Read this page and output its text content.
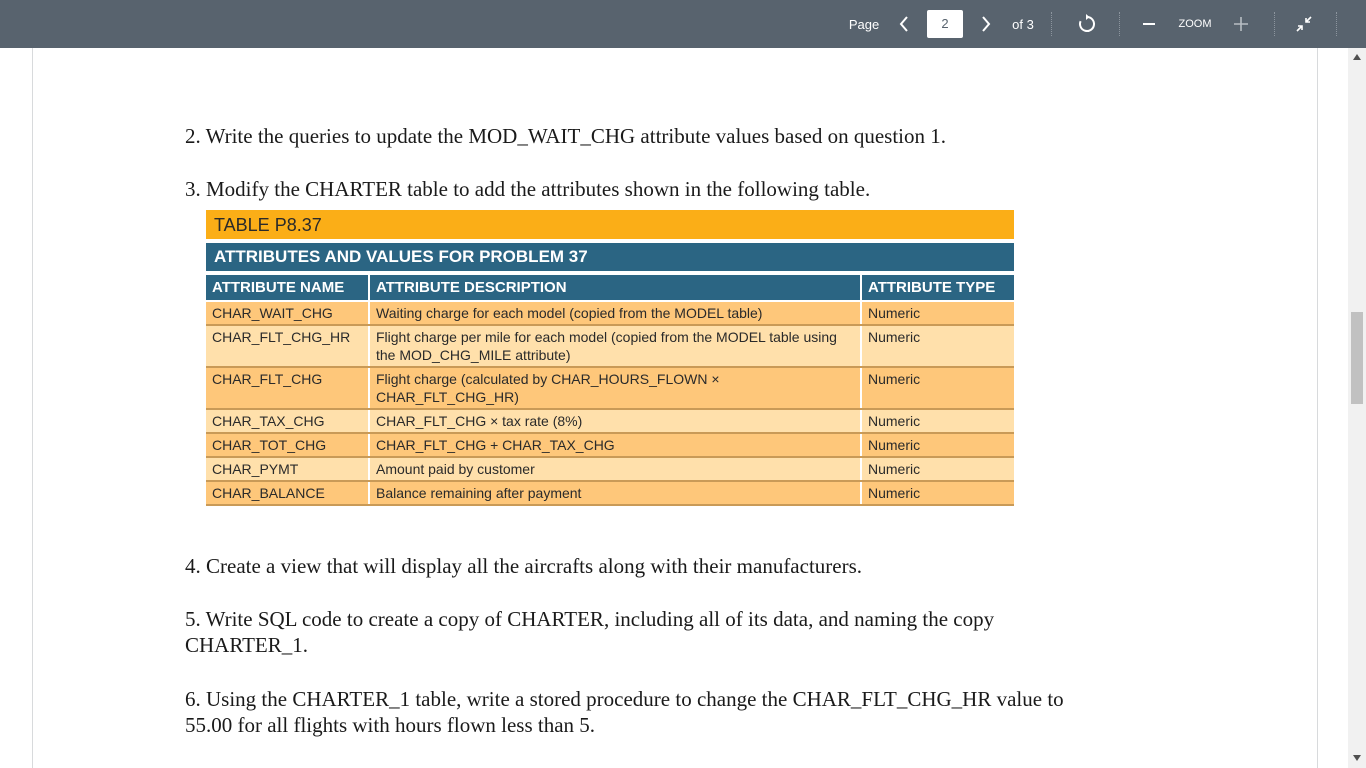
Page	2	of 3	ZOOM
2. Write the queries to update the MOD_WAIT_CHG attribute values based on question 1.
3. Modify the CHARTER table to add the attributes shown in the following table.
TABLE P8.37
ATTRIBUTES AND VALUES FOR PROBLEM 37
ATTRIBUTE NAME	ATTRIBUTE DESCRIPTION	ATTRIBUTE TYPE
CHAR_WAIT_CHG	Waiting charge for each model (copied from the MODEL table)	Numeric
CHAR_FLT_CHG_HR	Flight charge per mile for each model (copied from the MODEL table using the MOD_CHG_MILE attribute)	Numeric
CHAR_FLT_CHG	Flight charge (calculated by CHAR_HOURS_FLOWN × CHAR_FLT_CHG_HR)	Numeric
CHAR_TAX_CHG	CHAR_FLT_CHG × tax rate (8%)	Numeric
CHAR_TOT_CHG	CHAR_FLT_CHG + CHAR_TAX_CHG	Numeric
CHAR_PYMT	Amount paid by customer	Numeric
CHAR_BALANCE	Balance remaining after payment	Numeric
4. Create a view that will display all the aircrafts along with their manufacturers.
5. Write SQL code to create a copy of CHARTER, including all of its data, and naming the copy
CHARTER_1.
6. Using the CHARTER_1 table, write a stored procedure to change the CHAR_FLT_CHG_HR value to
55.00 for all flights with hours flown less than 5.
